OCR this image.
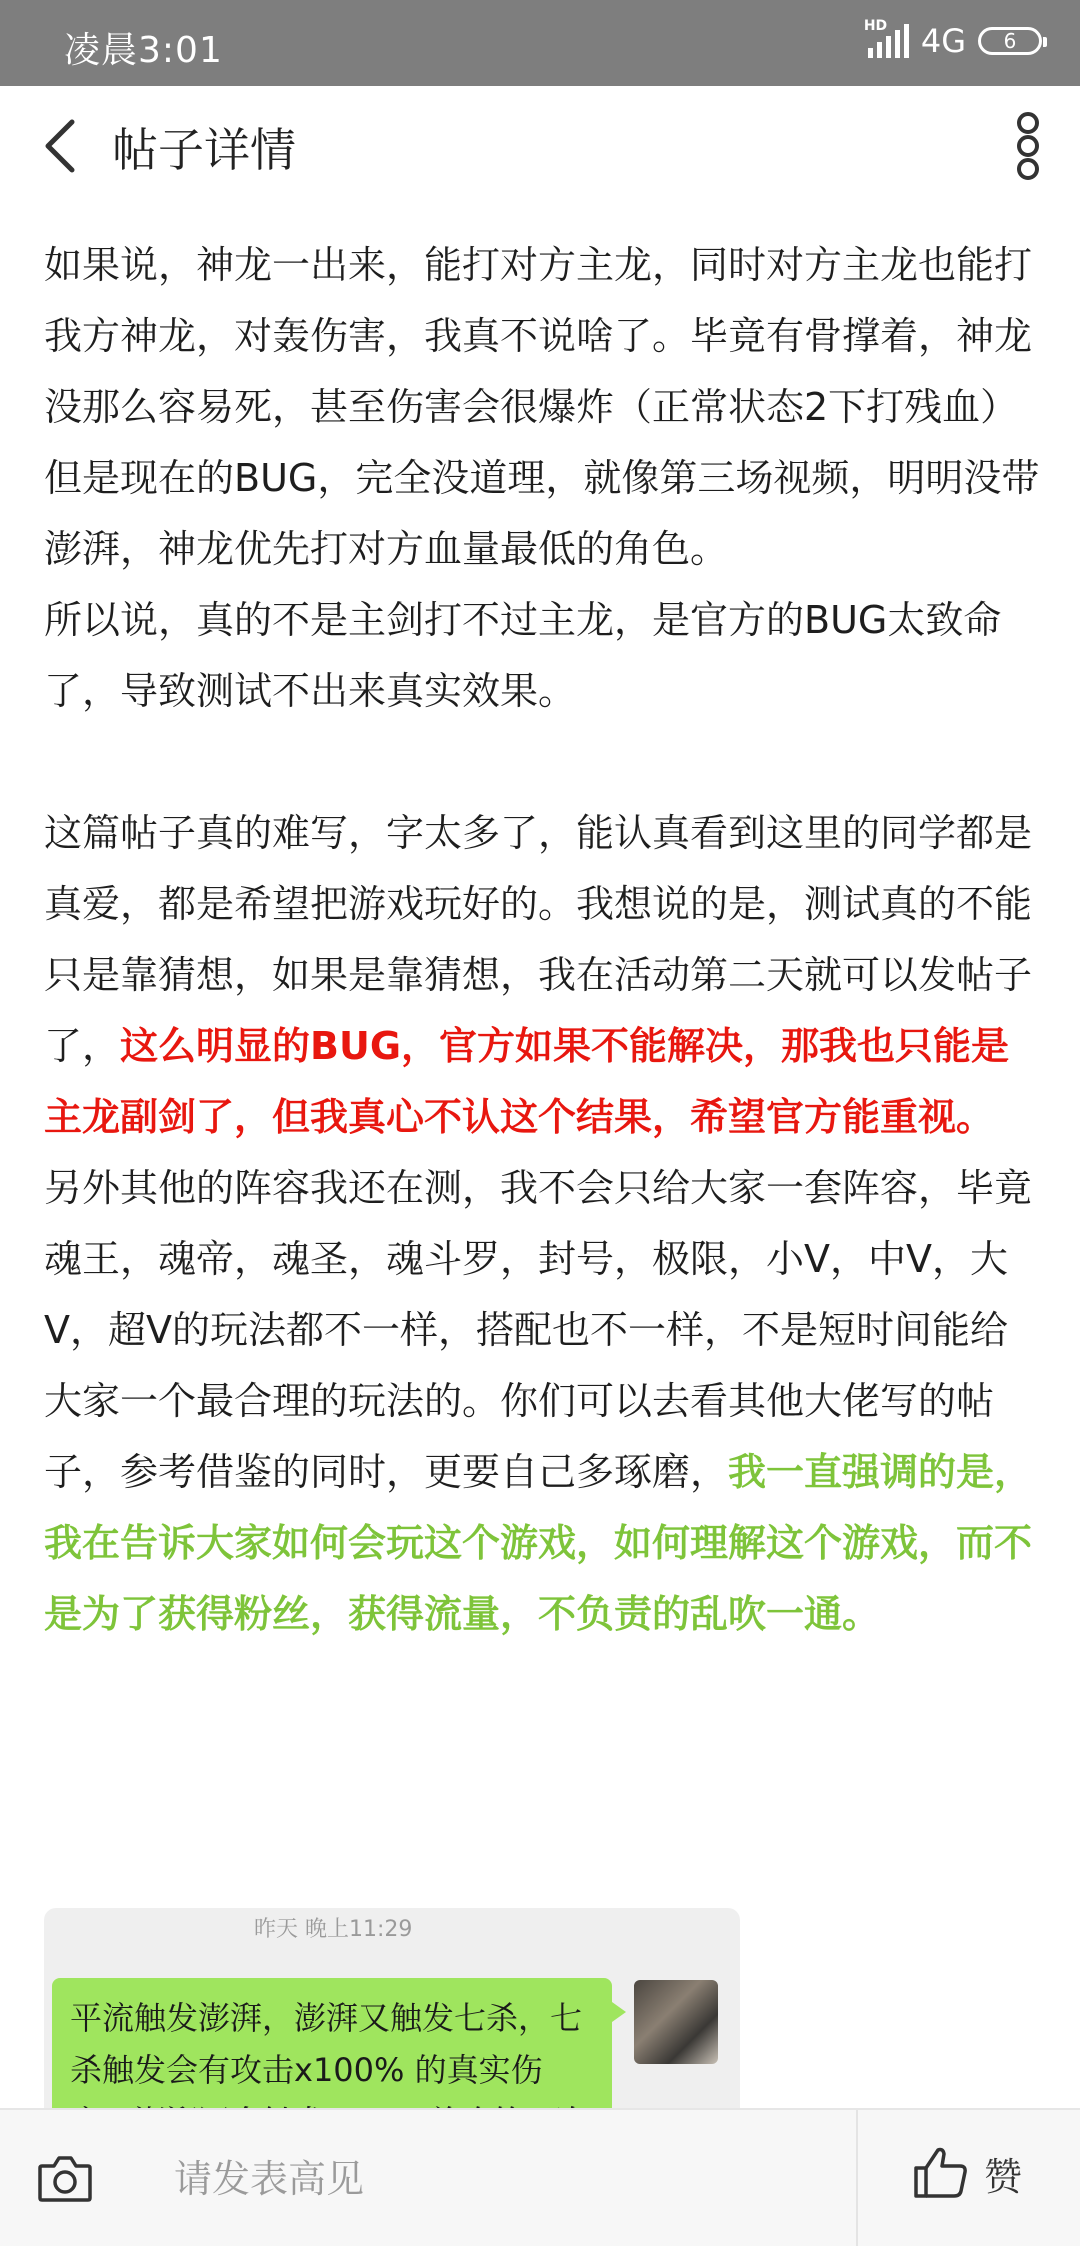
凌晨3:01
HD 4G 6
帖子详情

如果说，神龙一出来，能打对方主龙，同时对方主龙也能打我方神龙，对轰伤害，我真不说啥了。毕竟有骨撑着，神龙没那么容易死，甚至伤害会很爆炸（正常状态2下打残血）但是现在的BUG，完全没道理，就像第三场视频，明明没带澎湃，神龙优先打对方血量最低的角色。

所以说，真的不是主剑打不过主龙，是官方的BUG太致命了，导致测试不出来真实效果。

这篇帖子真的难写，字太多了，能认真看到这里的同学都是真爱，都是希望把游戏玩好的。我想说的是，测试真的不能只是靠猜想，如果是靠猜想，我在活动第二天就可以发帖子了，这么明显的BUG，官方如果不能解决，那我也只能是主龙副剑了，但我真心不认这个结果，希望官方能重视。

另外其他的阵容我还在测，我不会只给大家一套阵容，毕竟魂王，魂帝，魂圣，魂斗罗，封号，极限，小V，中V，大V，超V的玩法都不一样，搭配也不一样，不是短时间能给大家一个最合理的玩法的。你们可以去看其他大佬写的帖子，参考借鉴的同时，更要自己多琢磨，我一直强调的是，我在告诉大家如何会玩这个游戏，如何理解这个游戏，而不是为了获得粉丝，获得流量，不负责的乱吹一通。

昨天 晚上11:29
平流触发澎湃，澎湃又触发七杀，七杀触发会有攻击x100% 的真实伤
请发表高见
赞
